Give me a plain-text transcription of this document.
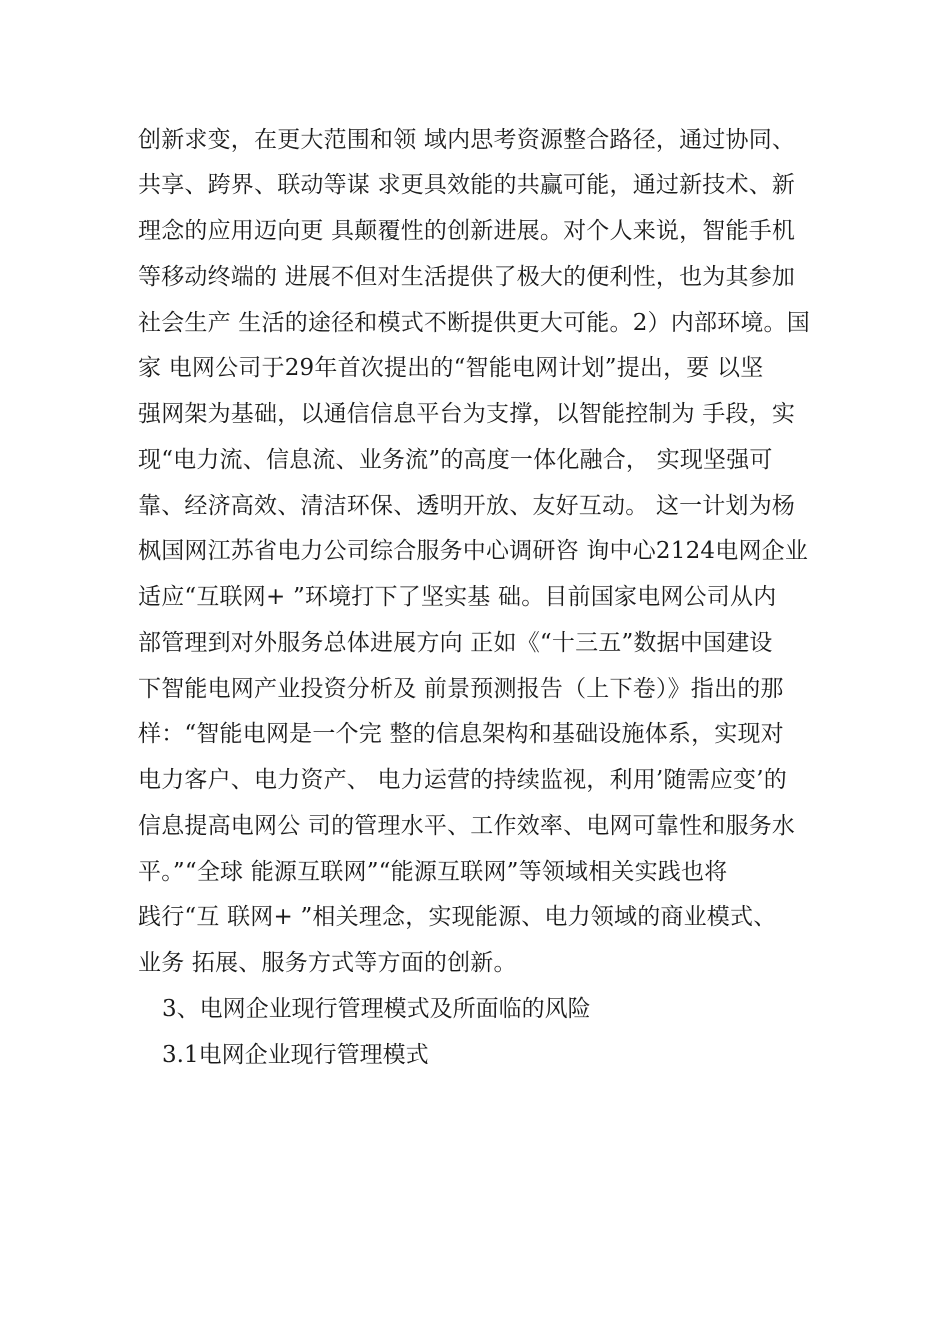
创新求变，在更大范围和领 域内思考资源整合路径，通过协同、
共享、跨界、联动等谋 求更具效能的共赢可能，通过新技术、新
理念的应用迈向更 具颠覆性的创新进展。对个人来说，智能手机
等移动终端的 进展不但对生活提供了极大的便利性，也为其参加
社会生产 生活的途径和模式不断提供更大可能。2）内部环境。国
家 电网公司于29年首次提出的“智能电网计划”提出，要 以坚
强网架为基础，以通信信息平台为支撑，以智能控制为 手段，实
现“电力流、信息流、业务流”的高度一体化融合， 实现坚强可
靠、经济高效、清洁环保、透明开放、友好互动。 这一计划为杨
枫国网江苏省电力公司综合服务中心调研咨 询中心2124电网企业
适应“互联网+ ”环境打下了坚实基 础。目前国家电网公司从内
部管理到对外服务总体进展方向 正如《“十三五”数据中国建设
下智能电网产业投资分析及 前景预测报告（上下卷）》指出的那
样：“智能电网是一个完 整的信息架构和基础设施体系，实现对
电力客户、电力资产、 电力运营的持续监视，利用’随需应变’的
信息提高电网公 司的管理水平、工作效率、电网可靠性和服务水
平。”“全球 能源互联网”“能源互联网”等领域相关实践也将
践行“互 联网+ ”相关理念，实现能源、电力领域的商业模式、
业务 拓展、服务方式等方面的创新。
3、电网企业现行管理模式及所面临的风险
3.1电网企业现行管理模式
